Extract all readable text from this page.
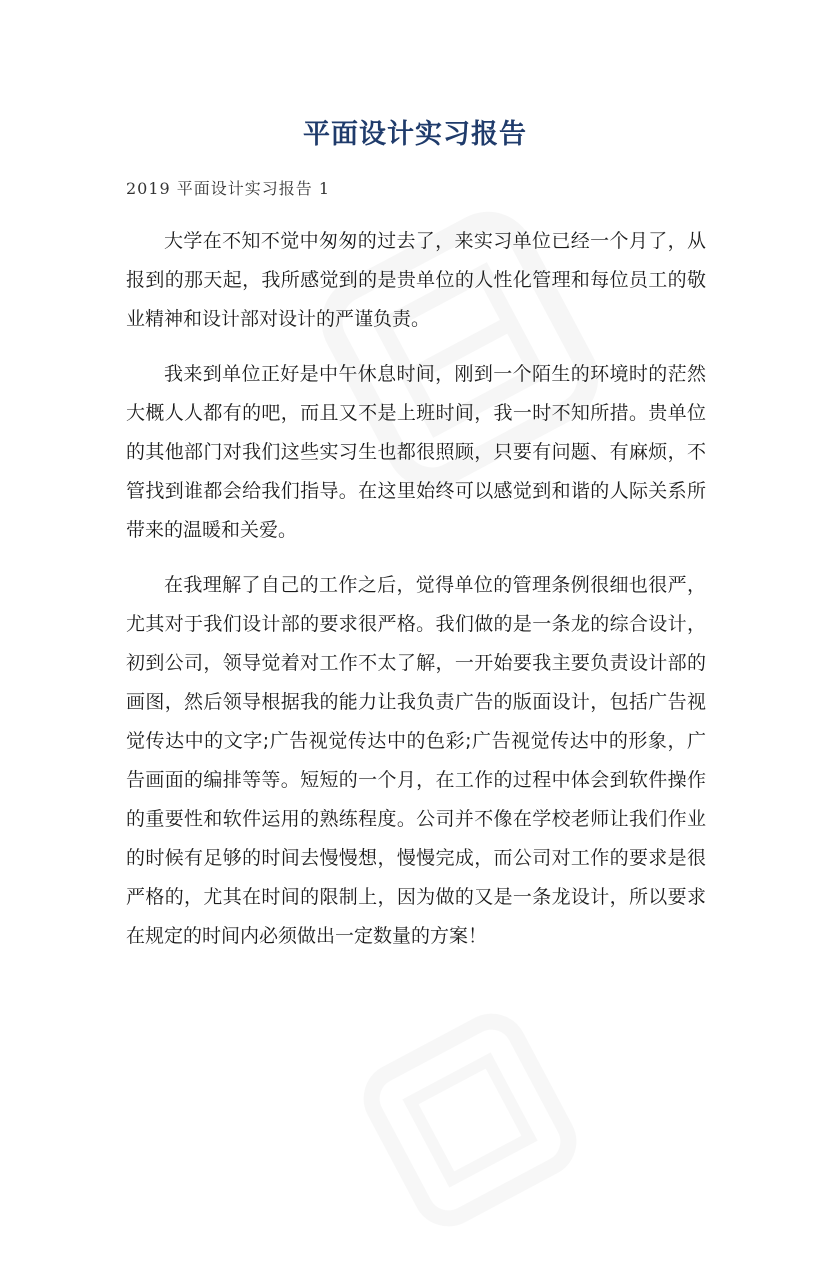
平面设计实习报告
2019 平面设计实习报告 1

大学在不知不觉中匆匆的过去了，来实习单位已经一个月了，从报到的那天起，我所感觉到的是贵单位的人性化管理和每位员工的敬业精神和设计部对设计的严谨负责。

我来到单位正好是中午休息时间，刚到一个陌生的环境时的茫然大概人人都有的吧，而且又不是上班时间，我一时不知所措。贵单位的其他部门对我们这些实习生也都很照顾，只要有问题、有麻烦，不管找到谁都会给我们指导。在这里始终可以感觉到和谐的人际关系所带来的温暖和关爱。

在我理解了自己的工作之后，觉得单位的管理条例很细也很严，尤其对于我们设计部的要求很严格。我们做的是一条龙的综合设计，初到公司，领导觉着对工作不太了解，一开始要我主要负责设计部的画图，然后领导根据我的能力让我负责广告的版面设计，包括广告视觉传达中的文字;广告视觉传达中的色彩;广告视觉传达中的形象，广告画面的编排等等。短短的一个月，在工作的过程中体会到软件操作的重要性和软件运用的熟练程度。公司并不像在学校老师让我们作业的时候有足够的时间去慢慢想，慢慢完成，而公司对工作的要求是很严格的，尤其在时间的限制上，因为做的又是一条龙设计，所以要求在规定的时间内必须做出一定数量的方案！
